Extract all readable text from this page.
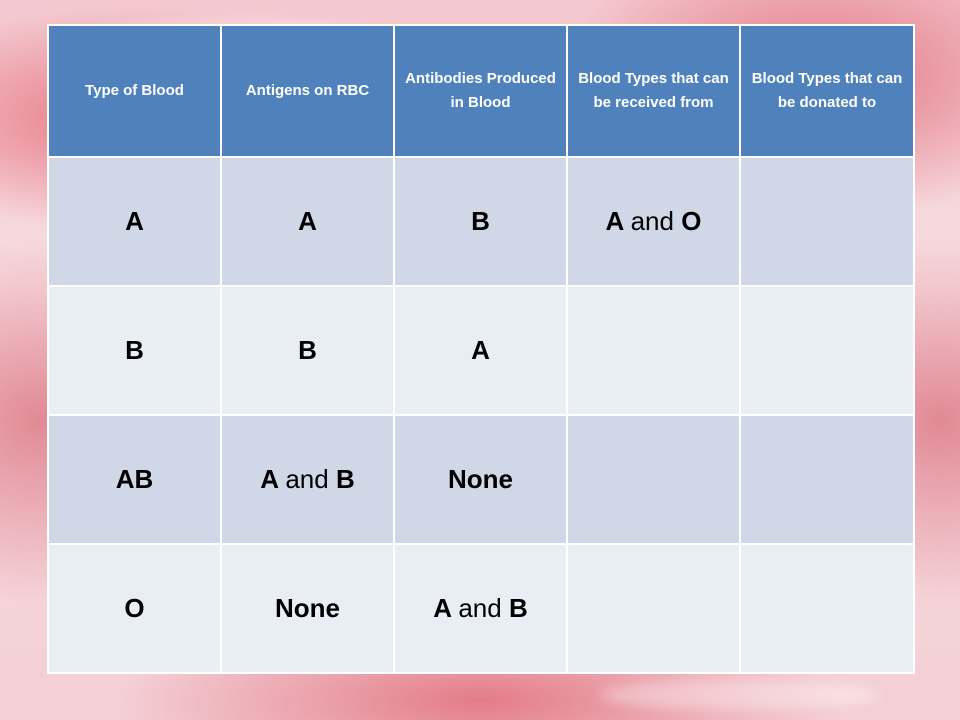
Type of Blood	Antigens on RBC	Antibodies Produced in Blood	Blood Types that can be received from	Blood Types that can be donated to
A	A	B	A and O	
B	B	A		
AB	A and B	None		
O	None	A and B		
